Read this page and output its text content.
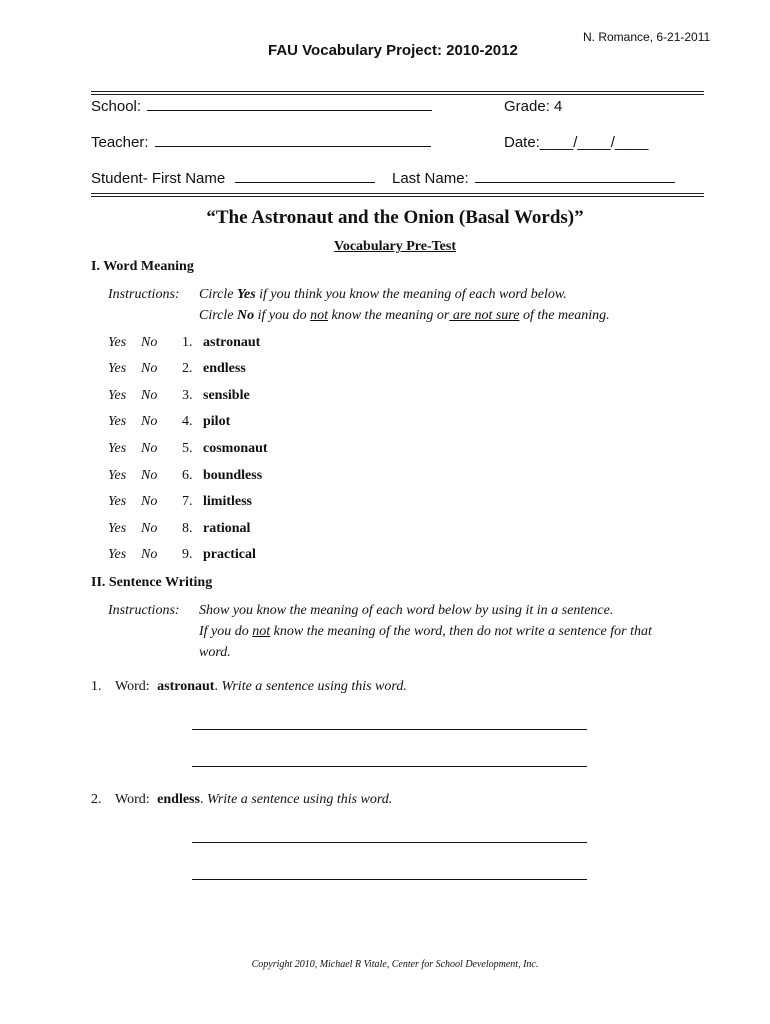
N. Romance, 6-21-2011
FAU Vocabulary Project: 2010-2012
School:	Grade: 4
Teacher:	Date:____/____/____
Student- First Name	Last Name:
“The Astronaut and the Onion (Basal Words)”
Vocabulary Pre-Test
I. Word Meaning
Instructions: Circle Yes if you think you know the meaning of each word below.
Circle No if you do not know the meaning or are not sure of the meaning.
Yes No 1. astronaut
Yes No 2. endless
Yes No 3. sensible
Yes No 4. pilot
Yes No 5. cosmonaut
Yes No 6. boundless
Yes No 7. limitless
Yes No 8. rational
Yes No 9. practical
II. Sentence Writing
Instructions: Show you know the meaning of each word below by using it in a sentence.
If you do not know the meaning of the word, then do not write a sentence for that
word.
1. Word: astronaut. Write a sentence using this word.
2. Word: endless. Write a sentence using this word.
Copyright 2010, Michael R Vitale, Center for School Development, Inc.
